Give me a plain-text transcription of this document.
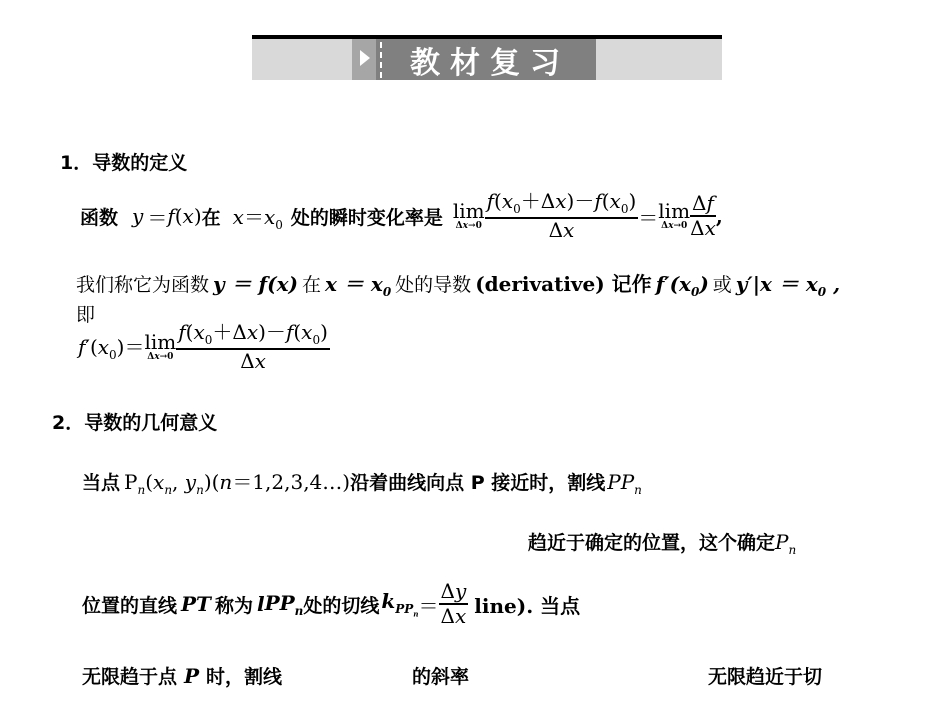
教材复习
1．导数的定义
函数 y ＝ f (x) 在 $x=x_0$ 处的瞬时变化率是 lim
$\Delta x\to 0 \frac{f(x_0+\Delta x)-f(x_0)}{\Delta x} = \lim$
$\Delta x\to 0 \frac{\Delta f}{\Delta x}$ ,
我们称它为函数 y ＝ f(x) 在 $x = x_0$ 处的导数 (derivative) 记作 $f'(x_0)$ 或 $y'|x = x_0$ ,
即
$f'(x_0)= \lim$
$\Delta x\to 0 \frac{f(x_0+\Delta x)-f(x_0)}{\Delta x}$
2．导数的几何意义
当点 $P_n(x_n$, $y_n)(n=1,2,3,4\dots)$ 沿着曲线向点 P 接近时，割线 $PP_n$
趋近于确定的位置，这个确定 $P_n$
位置的直线 PT 称为 l $PP_n$ 处的切线 $k_{PP_n} = \frac{\Delta y}{\Delta x}$ line). 当点
无限趋于点 P 时，割线	的斜率	无限趋近于切
